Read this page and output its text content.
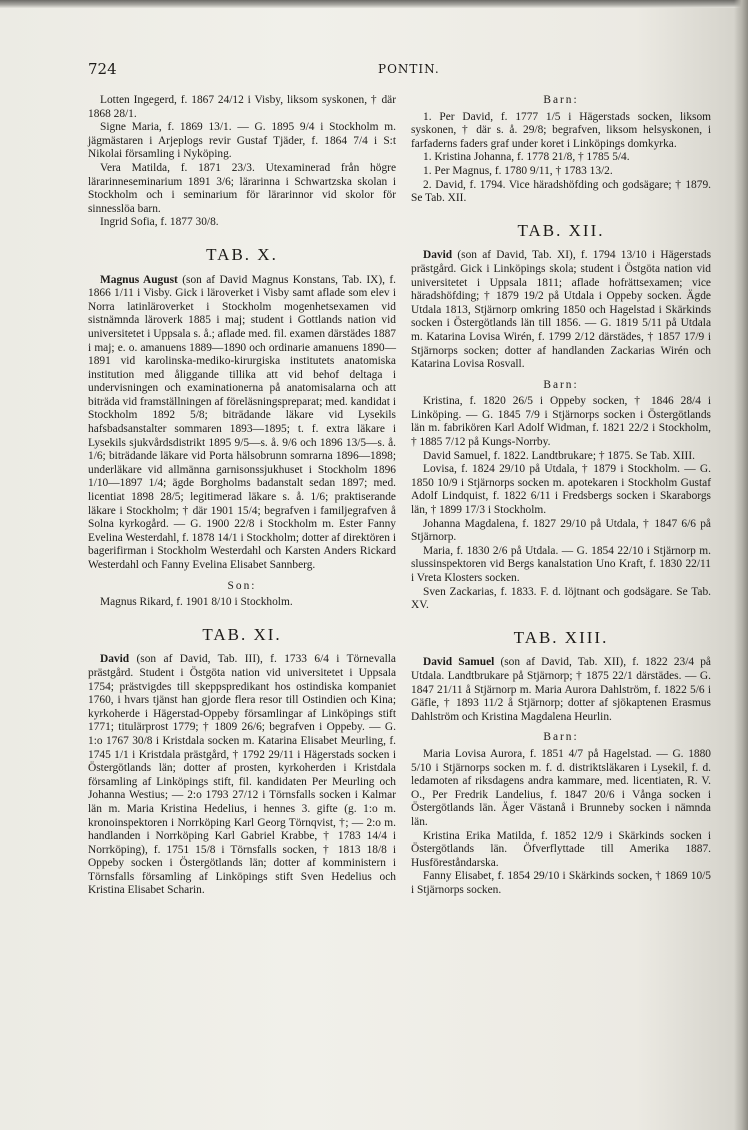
724	PONTIN.

Lotten Ingegerd, f. 1867 24/12 i Visby, liksom syskonen, † där 1868 28/1.

Signe Maria, f. 1869 13/1. — G. 1895 9/4 i Stockholm m. jägmästaren i Arjeplogs revir Gustaf Tjäder, f. 1864 7/4 i S:t Nikolai församling i Nyköping.

Vera Matilda, f. 1871 23/3. Utexaminerad från högre lärarinneseminarium 1891 3/6; lärarinna i Schwartzska skolan i Stockholm och i seminarium för lärarinnor vid skolor för sinnesslöa barn.

Ingrid Sofia, f. 1877 30/8.

TAB. X.

Magnus August (son af David Magnus Konstans, Tab. IX), f. 1866 1/11 i Visby. Gick i läroverket i Visby samt aflade som elev i Norra latinläroverket i Stockholm mogenhetsexamen vid sistnämnda läroverk 1885 i maj; student i Gottlands nation vid universitetet i Uppsala s. å.; aflade med. fil. examen därstädes 1887 i maj; e. o. amanuens 1889—1890 och ordinarie amanuens 1890—1891 vid karolinska-mediko-kirurgiska institutets anatomiska institution med åliggande tillika att vid behof deltaga i undervisningen och examinationerna på anatomisalarna och att biträda vid framställningen af föreläsningspreparat; med. kandidat i Stockholm 1892 5/8; biträdande läkare vid Lysekils hafsbadsanstalter sommaren 1893—1895; t. f. extra läkare i Lysekils sjukvårdsdistrikt 1895 9/5—s. å. 9/6 och 1896 13/5—s. å. 1/6; biträdande läkare vid Porta hälsobrunn somrarna 1896—1898; underläkare vid allmänna garnisonssjukhuset i Stockholm 1896 1/10—1897 1/4; ägde Borgholms badanstalt sedan 1897; med. licentiat 1898 28/5; legitimerad läkare s. å. 1/6; praktiserande läkare i Stockholm; † där 1901 15/4; begrafven i familjegrafven å Solna kyrkogård. — G. 1900 22/8 i Stockholm m. Ester Fanny Evelina Westerdahl, f. 1878 14/1 i Stockholm; dotter af direktören i bagerifirman i Stockholm Westerdahl och Karsten Anders Rickard Westerdahl och Fanny Evelina Elisabet Sannberg.

Son:

Magnus Rikard, f. 1901 8/10 i Stockholm.

TAB. XI.

David (son af David, Tab. III), f. 1733 6/4 i Törnevalla prästgård. Student i Östgöta nation vid universitetet i Uppsala 1754; prästvigdes till skeppspredikant hos ostindiska kompaniet 1760, i hvars tjänst han gjorde flera resor till Ostindien och Kina; kyrkoherde i Hägerstad-Oppeby församlingar af Linköpings stift 1771; titulärprost 1779; † 1809 26/6; begrafven i Oppeby. — G. 1:o 1767 30/8 i Kristdala socken m. Katarina Elisabet Meurling, f. 1745 1/1 i Kristdala prästgård, † 1792 29/11 i Hägerstads socken i Östergötlands län; dotter af prosten, kyrkoherden i Kristdala församling af Linköpings stift, fil. kandidaten Per Meurling och Johanna Westius; — 2:o 1793 27/12 i Törnsfalls socken i Kalmar län m. Maria Kristina Hedelius, i hennes 3. gifte (g. 1:o m. kronoinspektoren i Norrköping Karl Georg Törnqvist, †; — 2:o m. handlanden i Norrköping Karl Gabriel Krabbe, † 1783 14/4 i Norrköping), f. 1751 15/8 i Törnsfalls socken, † 1813 18/8 i Oppeby socken i Östergötlands län; dotter af komministern i Törnsfalls församling af Linköpings stift Sven Hedelius och Kristina Elisabet Scharin.

Barn:

1. Per David, f. 1777 1/5 i Hägerstads socken, liksom syskonen, † där s. å. 29/8; begrafven, liksom helsyskonen, i farfaderns faders graf under koret i Linköpings domkyrka.

1. Kristina Johanna, f. 1778 21/8, † 1785 5/4.

1. Per Magnus, f. 1780 9/11, † 1783 13/2.

2. David, f. 1794. Vice häradshöfding och godsägare; † 1879. Se Tab. XII.

TAB. XII.

David (son af David, Tab. XI), f. 1794 13/10 i Hägerstads prästgård. Gick i Linköpings skola; student i Östgöta nation vid universitetet i Uppsala 1811; aflade hofrättsexamen; vice häradshöfding; † 1879 19/2 på Utdala i Oppeby socken. Ägde Utdala 1813, Stjärnorp omkring 1850 och Hagelstad i Skärkinds socken i Östergötlands län till 1856. — G. 1819 5/11 på Utdala m. Katarina Lovisa Wirén, f. 1799 2/12 därstädes, † 1857 17/9 i Stjärnorps socken; dotter af handlanden Zackarias Wirén och Katarina Lovisa Rosvall.

Barn:

Kristina, f. 1820 26/5 i Oppeby socken, † 1846 28/4 i Linköping. — G. 1845 7/9 i Stjärnorps socken i Östergötlands län m. fabrikören Karl Adolf Widman, f. 1821 22/2 i Stockholm, † 1885 7/12 på Kungs-Norrby.

David Samuel, f. 1822. Landtbrukare; † 1875. Se Tab. XIII.

Lovisa, f. 1824 29/10 på Utdala, † 1879 i Stockholm. — G. 1850 10/9 i Stjärnorps socken m. apotekaren i Stockholm Gustaf Adolf Lindquist, f. 1822 6/11 i Fredsbergs socken i Skaraborgs län, † 1899 17/3 i Stockholm.

Johanna Magdalena, f. 1827 29/10 på Utdala, † 1847 6/6 på Stjärnorp.

Maria, f. 1830 2/6 på Utdala. — G. 1854 22/10 i Stjärnorp m. slussinspektoren vid Bergs kanalstation Uno Kraft, f. 1830 22/11 i Vreta Klosters socken.

Sven Zackarias, f. 1833. F. d. löjtnant och godsägare. Se Tab. XV.

TAB. XIII.

David Samuel (son af David, Tab. XII), f. 1822 23/4 på Utdala. Landtbrukare på Stjärnorp; † 1875 22/1 därstädes. — G. 1847 21/11 å Stjärnorp m. Maria Aurora Dahlström, f. 1822 5/6 i Gäfle, † 1893 11/2 å Stjärnorp; dotter af sjökaptenen Erasmus Dahlström och Kristina Magdalena Heurlin.

Barn:

Maria Lovisa Aurora, f. 1851 4/7 på Hagelstad. — G. 1880 5/10 i Stjärnorps socken m. f. d. distriktsläkaren i Lysekil, f. d. ledamoten af riksdagens andra kammare, med. licentiaten, R. V. O., Per Fredrik Landelius, f. 1847 20/6 i Vånga socken i Östergötlands län. Äger Västanå i Brunneby socken i nämnda län.

Kristina Erika Matilda, f. 1852 12/9 i Skärkinds socken i Östergötlands län. Öfverflyttade till Amerika 1887. Husföreståndarska.

Fanny Elisabet, f. 1854 29/10 i Skärkinds socken, † 1869 10/5 i Stjärnorps socken.
